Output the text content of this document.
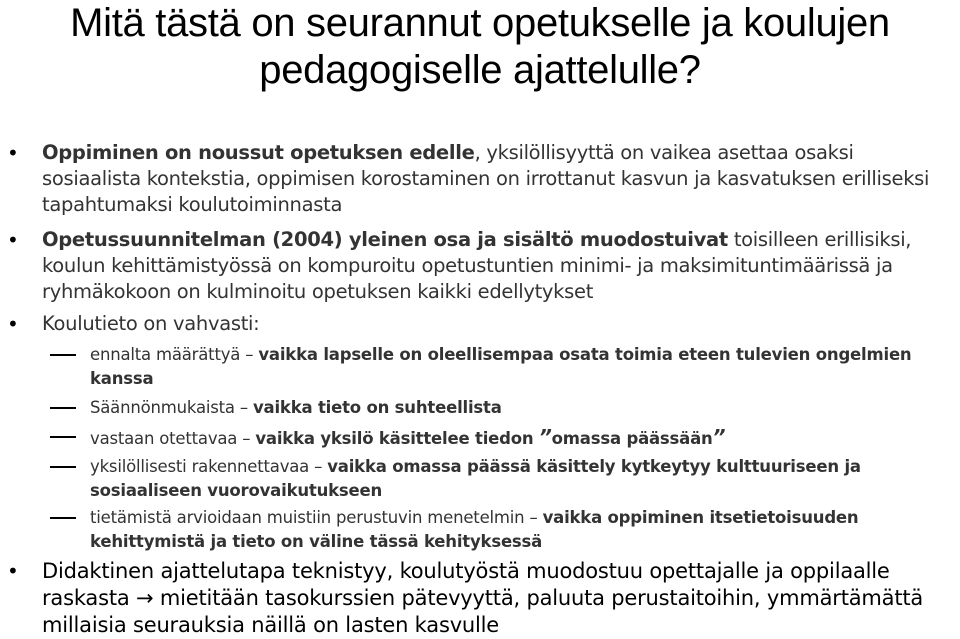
Mitä tästä on seurannut opetukselle ja koulujen
pedagogiselle ajattelulle?
• Oppiminen on noussut opetuksen edelle, yksilöllisyyttä on vaikea asettaa osaksi sosiaalista kontekstia, oppimisen korostaminen on irrottanut kasvun ja kasvatuksen erilliseksi tapahtumaksi koulutoiminnasta
• Opetussuunnitelman (2004) yleinen osa ja sisältö muodostuivat toisilleen erillisiksi, koulun kehittämistyössä on kompuroitu opetustuntien minimi- ja maksimituntimäärissä ja ryhmäkokoon on kulminoitu opetuksen kaikki edellytykset
• Koulutieto on vahvasti:
ennalta määrättyä – vaikka lapselle on oleellisempaa osata toimia eteen tulevien ongelmien kanssa
Säännönmukaista – vaikka tieto on suhteellista
vastaan otettavaa – vaikka yksilö käsittelee tiedon ”omassa päässään”
yksilöllisesti rakennettavaa – vaikka omassa päässä käsittely kytkeytyy kulttuuriseen ja sosiaaliseen vuorovaikutukseen
tietämistä arvioidaan muistiin perustuvin menetelmin – vaikka oppiminen itsetietoisuuden kehittymistä ja tieto on väline tässä kehityksessä
• Didaktinen ajattelutapa teknistyy, koulutyöstä muodostuu opettajalle ja oppilaalle raskasta → mietitään tasokurssien pätevyyttä, paluuta perustaitoihin, ymmärtämättä millaisia seurauksia näillä on lasten kasvulle
